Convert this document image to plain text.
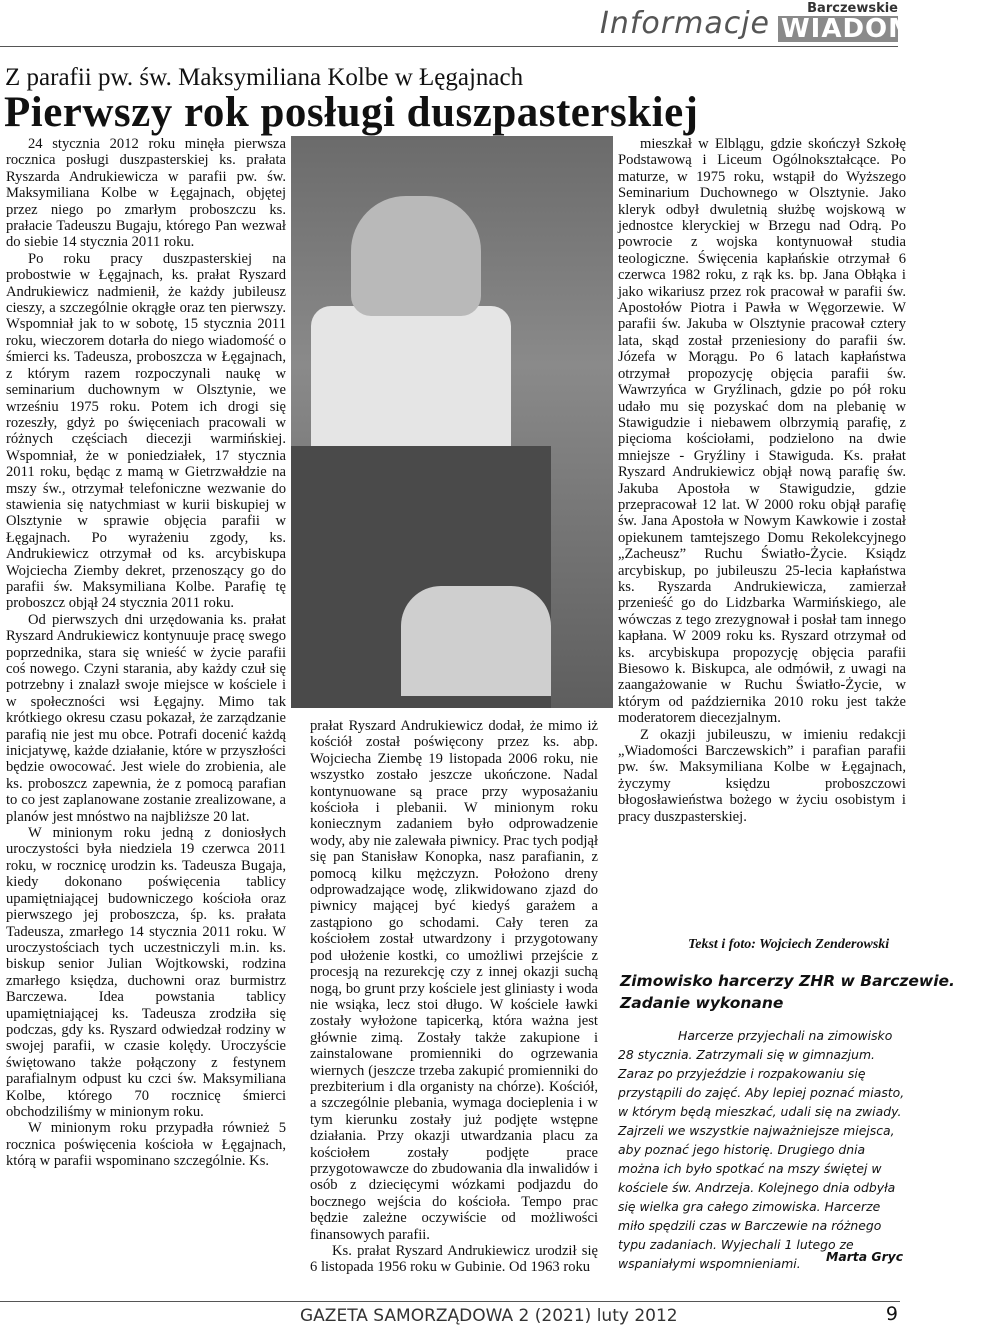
Informacje	Barczewskie
WIADOMOŚCI
Z parafii pw. św. Maksymiliana Kolbe w Łęgajnach
Pierwszy rok posługi duszpasterskiej

24 stycznia 2012 roku minęła pierwsza rocznica posługi duszpasterskiej ks. prałata Ryszarda Andrukiewicza w parafii pw. św. Maksymiliana Kolbe w Łęgajnach, objętej przez niego po zmarłym proboszczu ks. prałacie Tadeuszu Bugaju, którego Pan wezwał do siebie 14 stycznia 2011 roku.

Po roku pracy duszpasterskiej na probostwie w Łęgajnach, ks. prałat Ryszard Andrukiewicz nadmienił, że każdy jubileusz cieszy, a szczególnie okrągłe oraz ten pierwszy. Wspomniał jak to w sobotę, 15 stycznia 2011 roku, wieczorem dotarła do niego wiadomość o śmierci ks. Tadeusza, proboszcza w Łęgajnach, z którym razem rozpoczynali naukę w seminarium duchownym w Olsztynie, we wrześniu 1975 roku. Potem ich drogi się rozeszły, gdyż po święceniach pracowali w różnych częściach diecezji warmińskiej. Wspomniał, że w poniedziałek, 17 stycznia 2011 roku, będąc z mamą w Gietrzwałdzie na mszy św., otrzymał telefoniczne wezwanie do stawienia się natychmiast w kurii biskupiej w Olsztynie w sprawie objęcia parafii w Łęgajnach. Po wyrażeniu zgody, ks. Andrukiewicz otrzymał od ks. arcybiskupa Wojciecha Ziemby dekret, przenoszący go do parafii św. Maksymiliana Kolbe. Parafię tę proboszcz objął 24 stycznia 2011 roku.

Od pierwszych dni urzędowania ks. prałat Ryszard Andrukiewicz kontynuuje pracę swego poprzednika, stara się wnieść w życie parafii coś nowego. Czyni starania, aby każdy czuł się potrzebny i znalazł swoje miejsce w kościele i w społeczności wsi Łęgajny. Mimo tak krótkiego okresu czasu pokazał, że zarządzanie parafią nie jest mu obce. Potrafi docenić każdą inicjatywę, każde działanie, które w przyszłości będzie owocować. Jest wiele do zrobienia, ale ks. proboszcz zapewnia, że z pomocą parafian to co jest zaplanowane zostanie zrealizowane, a planów jest mnóstwo na najbliższe 20 lat.

W minionym roku jedną z doniosłych uroczystości była niedziela 19 czerwca 2011 roku, w rocznicę urodzin ks. Tadeusza Bugaja, kiedy dokonano poświęcenia tablicy upamiętniającej budowniczego kościoła oraz pierwszego jej proboszcza, śp. ks. prałata Tadeusza, zmarłego 14 stycznia 2011 roku. W uroczystościach tych uczestniczyli m.in. ks. biskup senior Julian Wojtkowski, rodzina zmarłego księdza, duchowni oraz burmistrz Barczewa. Idea powstania tablicy upamiętniającej ks. Tadeusza zrodziła się podczas, gdy ks. Ryszard odwiedzał rodziny w swojej parafii, w czasie kolędy. Uroczyście świętowano także połączony z festynem parafialnym odpust ku czci św. Maksymiliana Kolbe, którego 70 rocznicę śmierci obchodziliśmy w minionym roku.

W minionym roku przypadła również 5 rocznica poświęcenia kościoła w Łęgajnach, którą w parafii wspominano szczególnie. Ks.

prałat Ryszard Andrukiewicz dodał, że mimo iż kościół został poświęcony przez ks. abp. Wojciecha Ziembę 19 listopada 2006 roku, nie wszystko zostało jeszcze ukończone. Nadal kontynuowane są prace przy wyposażaniu kościoła i plebanii. W minionym roku koniecznym zadaniem było odprowadzenie wody, aby nie zalewała piwnicy. Prac tych podjął się pan Stanisław Konopka, nasz parafianin, z pomocą kilku mężczyzn. Położono dreny odprowadzające wodę, zlikwidowano zjazd do piwnicy mającej być kiedyś garażem a zastąpiono go schodami. Cały teren za kościołem został utwardzony i przygotowany pod ułożenie kostki, co umożliwi przejście z procesją na rezurekcję czy z innej okazji suchą nogą, bo grunt przy kościele jest gliniasty i woda nie wsiąka, lecz stoi długo. W kościele ławki zostały wyłożone tapicerką, która ważna jest głównie zimą. Zostały także zakupione i zainstalowane promienniki do ogrzewania wiernych (jeszcze trzeba zakupić promienniki do prezbiterium i dla organisty na chórze). Kościół, a szczególnie plebania, wymaga docieplenia i w tym kierunku zostały już podjęte wstępne działania. Przy okazji utwardzania placu za kościołem zostały podjęte prace przygotowawcze do zbudowania dla inwalidów i osób z dziecięcymi wózkami podjazdu do bocznego wejścia do kościoła. Tempo prac będzie zależne oczywiście od możliwości finansowych parafii.

Ks. prałat Ryszard Andrukiewicz urodził się 6 listopada 1956 roku w Gubinie. Od 1963 roku

mieszkał w Elblągu, gdzie skończył Szkołę Podstawową i Liceum Ogólnokształcące. Po maturze, w 1975 roku, wstąpił do Wyższego Seminarium Duchownego w Olsztynie. Jako kleryk odbył dwuletnią służbę wojskową w jednostce kleryckiej w Brzegu nad Odrą. Po powrocie z wojska kontynuował studia teologiczne. Święcenia kapłańskie otrzymał 6 czerwca 1982 roku, z rąk ks. bp. Jana Obłąka i jako wikariusz przez rok pracował w parafii św. Apostołów Piotra i Pawła w Węgorzewie. W parafii św. Jakuba w Olsztynie pracował cztery lata, skąd został przeniesiony do parafii św. Józefa w Morągu. Po 6 latach kapłaństwa otrzymał propozycję objęcia parafii św. Wawrzyńca w Gryźlinach, gdzie po pół roku udało mu się pozyskać dom na plebanię w Stawigudzie i niebawem olbrzymią parafię, z pięcioma kościołami, podzielono na dwie mniejsze - Gryźliny i Stawiguda. Ks. prałat Ryszard Andrukiewicz objął nową parafię św. Jakuba Apostoła w Stawigudzie, gdzie przepracował 12 lat. W 2000 roku objął parafię św. Jana Apostoła w Nowym Kawkowie i został opiekunem tamtejszego Domu Rekolekcyjnego „Zacheusz” Ruchu Światło-Życie. Ksiądz arcybiskup, po jubileuszu 25-lecia kapłaństwa ks. Ryszarda Andrukiewicza, zamierzał przenieść go do Lidzbarka Warmińskiego, ale wówczas z tego zrezygnował i posłał tam innego kapłana. W 2009 roku ks. Ryszard otrzymał od ks. arcybiskupa propozycję objęcia parafii Biesowo k. Biskupca, ale odmówił, z uwagi na zaangażowanie w Ruchu Światło-Życie, w którym od października 2010 roku jest także moderatorem diecezjalnym.

Z okazji jubileuszu, w imieniu redakcji „Wiadomości Barczewskich” i parafian parafii pw. św. Maksymiliana Kolbe w Łęgajnach, życzymy księdzu proboszczowi błogosławieństwa bożego w życiu osobistym i pracy duszpasterskiej.

Tekst i foto: Wojciech Zenderowski
Zimowisko harcerzy ZHR w Barczewie.
Zadanie wykonane

Harcerze przyjechali na zimowisko 28 stycznia. Zatrzymali się w gimnazjum. Zaraz po przyjeździe i rozpakowaniu się przystąpili do zajęć. Aby lepiej poznać miasto, w którym będą mieszkać, udali się na zwiady. Zajrzeli we wszystkie najważniejsze miejsca, aby poznać jego historię. Drugiego dnia można ich było spotkać na mszy świętej w kościele św. Andrzeja. Kolejnego dnia odbyła się wielka gra całego zimowiska. Harcerze miło spędzili czas w Barczewie na różnego typu zadaniach. Wyjechali 1 lutego ze wspaniałymi wspomnieniami.	Marta Gryc
GAZETA SAMORZĄDOWA 2 (2021) luty 2012	9
